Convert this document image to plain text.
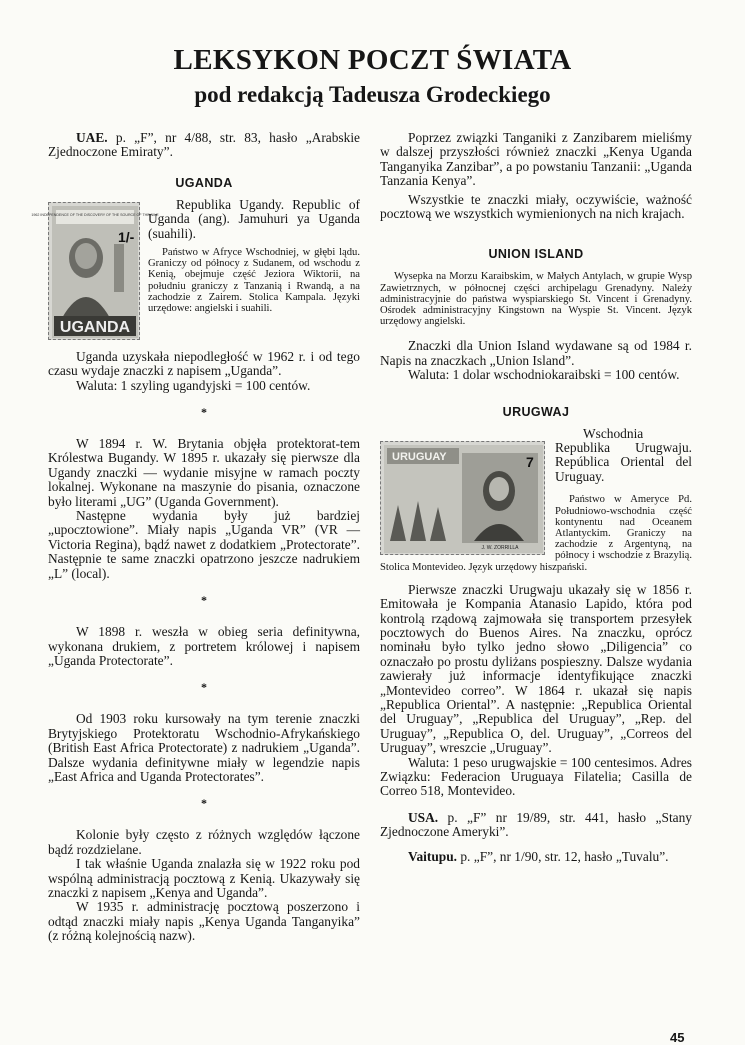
LEKSYKON POCZT ŚWIATA
pod redakcją Tadeusza Grodeckiego

UAE. p. „F”, nr 4/88, str. 83, hasło „Arabskie Zjednoczone Emiraty”.

UGANDA
1962 INDEPENDENCE OF THE DISCOVERY OF THE SOURCE OF THE NILE
1/-
UGANDA

Republika Ugandy. Republic of Uganda (ang). Jamuhuri ya Uganda (suahili).

Państwo w Afryce Wschodniej, w głębi lądu. Graniczy od północy z Sudanem, od wschodu z Kenią, obejmuje część Jeziora Wiktorii, na południu graniczy z Tanzanią i Rwandą, a na zachodzie z Zairem. Stolica Kampala. Języki urzędowe: angielski i suahili.

Uganda uzyskała niepodległość w 1962 r. i od tego czasu wydaje znaczki z napisem „Uganda”.

Waluta: 1 szyling ugandyjski = 100 centów.

*

W 1894 r. W. Brytania objęła protektorat-tem Królestwa Bugandy. W 1895 r. ukazały się pierwsze dla Ugandy znaczki — wydanie misyjne w ramach poczty lokalnej. Wykonane na maszynie do pisania, oznaczone było literami „UG” (Uganda Government).

Następne wydania były już bardziej „upocztowione”. Miały napis „Uganda VR” (VR — Victoria Regina), bądź nawet z dodatkiem „Protectorate”. Następnie te same znaczki opatrzono jeszcze nadrukiem „L” (local).

*

W 1898 r. weszła w obieg seria definitywna, wykonana drukiem, z portretem królowej i napisem „Uganda Protectorate”.

*

Od 1903 roku kursowały na tym terenie znaczki Brytyjskiego Protektoratu Wschodnio-Afrykańskiego (British East Africa Protectorate) z nadrukiem „Uganda”. Dalsze wydania definitywne miały w legendzie napis „East Africa and Uganda Protectorates”.

*

Kolonie były często z różnych względów łączone bądź rozdzielane.

I tak właśnie Uganda znalazła się w 1922 roku pod wspólną administracją pocztową z Kenią. Ukazywały się znaczki z napisem „Kenya and Uganda”.

W 1935 r. administrację pocztową poszerzono i odtąd znaczki miały napis „Kenya Uganda Tanganyika” (z różną kolejnością nazw).

Poprzez związki Tanganiki z Zanzibarem mieliśmy w dalszej przyszłości również znaczki „Kenya Uganda Tanganyika Zanzibar”, a po powstaniu Tanzanii: „Uganda Tanzania Kenya”.

Wszystkie te znaczki miały, oczywiście, ważność pocztową we wszystkich wymienionych na nich krajach.

UNION ISLAND

Wysepka na Morzu Karaibskim, w Małych Antylach, w grupie Wysp Zawietrznych, w północnej części archipelagu Grenadyny. Należy administracyjnie do państwa wyspiarskiego St. Vincent i Grenadyny. Ośrodek administracyjny Kingstown na Wyspie St. Vincent. Język urzędowy angielski.

Znaczki dla Union Island wydawane są od 1984 r. Napis na znaczkach „Union Island”.

Waluta: 1 dolar wschodniokaraibski = 100 centów.

URUGWAJ
URUGUAY	7
J. W. ZORRILLA

Wschodnia Republika Urugwaju. República Oriental del Uruguay.

Państwo w Ameryce Pd. Południowo-wschodnia część kontynentu nad Oceanem Atlantyckim. Graniczy na zachodzie z Argentyną, na północy i wschodzie z Brazylią. Stolica Montevideo. Język urzędowy hiszpański.

Pierwsze znaczki Urugwaju ukazały się w 1856 r. Emitowała je Kompania Atanasio Lapido, która pod kontrolą rządową zajmowała się transportem przesyłek pocztowych do Buenos Aires. Na znaczku, oprócz nominału było tylko jedno słowo „Diligencia” co oznaczało po prostu dyliżans pospieszny. Dalsze wydania zawierały już informacje identyfikujące znaczki „Montevideo correo”. W 1864 r. ukazał się napis „Republica Oriental”. A następnie: „Republica Oriental del Uruguay”, „Republica del Uruguay”, „Rep. del Uruguay”, „Republica O, del. Uruguay”, „Correos del Uruguay”, wreszcie „Uruguay”.

Waluta: 1 peso urugwajskie = 100 centesimos. Adres Związku: Federacion Uruguaya Filatelia; Casilla de Correo 518, Montevideo.

USA. p. „F” nr 19/89, str. 441, hasło „Stany Zjednoczone Ameryki”.

Vaitupu. p. „F”, nr 1/90, str. 12, hasło „Tuvalu”.

45
